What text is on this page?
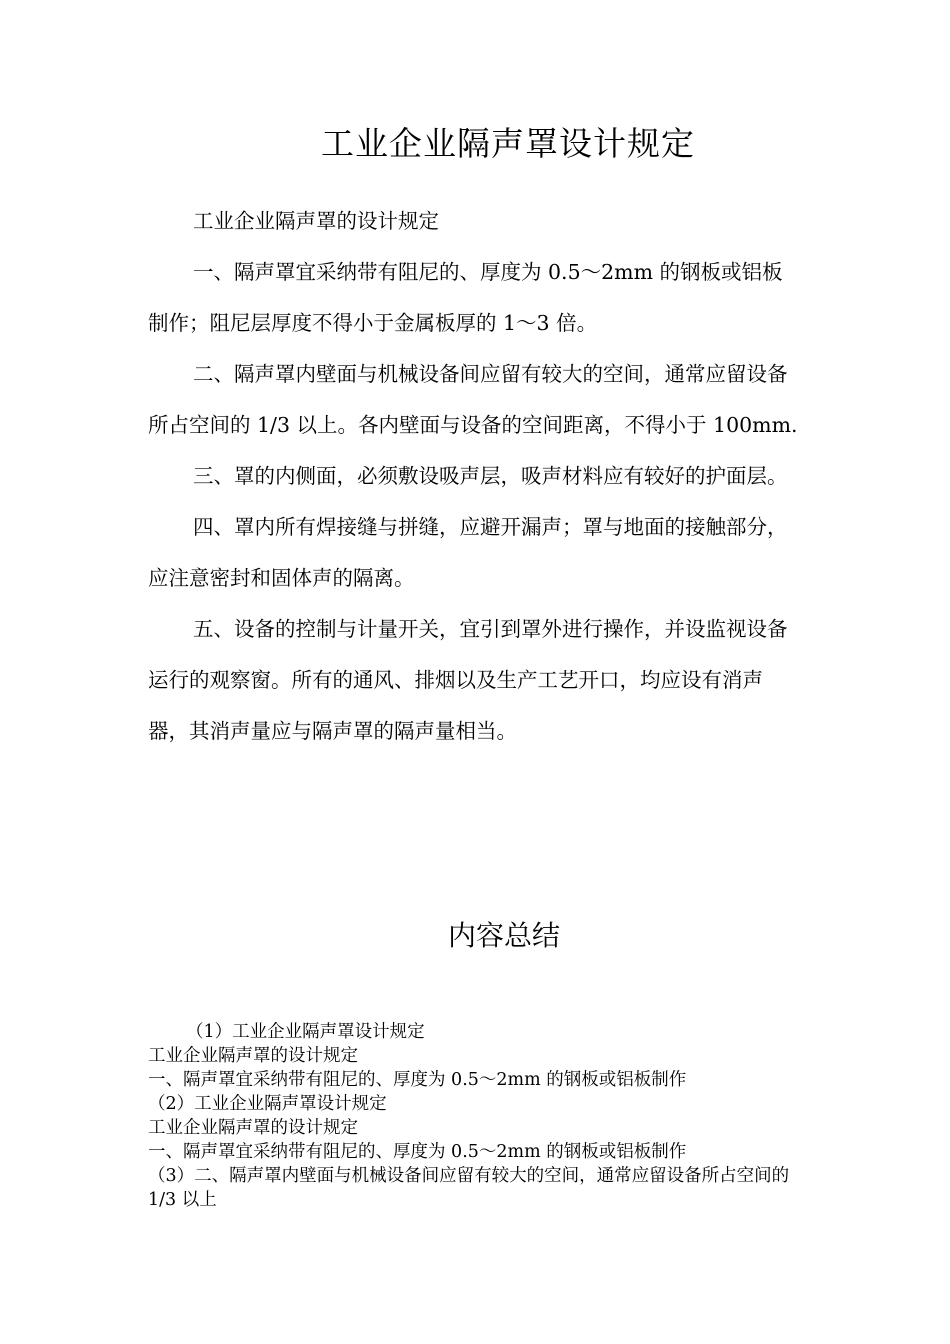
工业企业隔声罩设计规定

工业企业隔声罩的设计规定

一、隔声罩宜采纳带有阻尼的、厚度为 0.5～2mm 的钢板或铝板制作；阻尼层厚度不得小于金属板厚的 1～3 倍。

二、隔声罩内壁面与机械设备间应留有较大的空间，通常应留设备所占空间的 1/3 以上。各内壁面与设备的空间距离，不得小于 100mm.

三、罩的内侧面，必须敷设吸声层，吸声材料应有较好的护面层。

四、罩内所有焊接缝与拼缝，应避开漏声；罩与地面的接触部分，应注意密封和固体声的隔离。

五、设备的控制与计量开关，宜引到罩外进行操作，并设监视设备运行的观察窗。所有的通风、排烟以及生产工艺开口，均应设有消声器，其消声量应与隔声罩的隔声量相当。

内容总结
（1）工业企业隔声罩设计规定
工业企业隔声罩的设计规定
一、隔声罩宜采纳带有阻尼的、厚度为 0.5～2mm 的钢板或铝板制作
（2）工业企业隔声罩设计规定
工业企业隔声罩的设计规定
一、隔声罩宜采纳带有阻尼的、厚度为 0.5～2mm 的钢板或铝板制作
（3）二、隔声罩内壁面与机械设备间应留有较大的空间，通常应留设备所占空间的 1/3 以上
